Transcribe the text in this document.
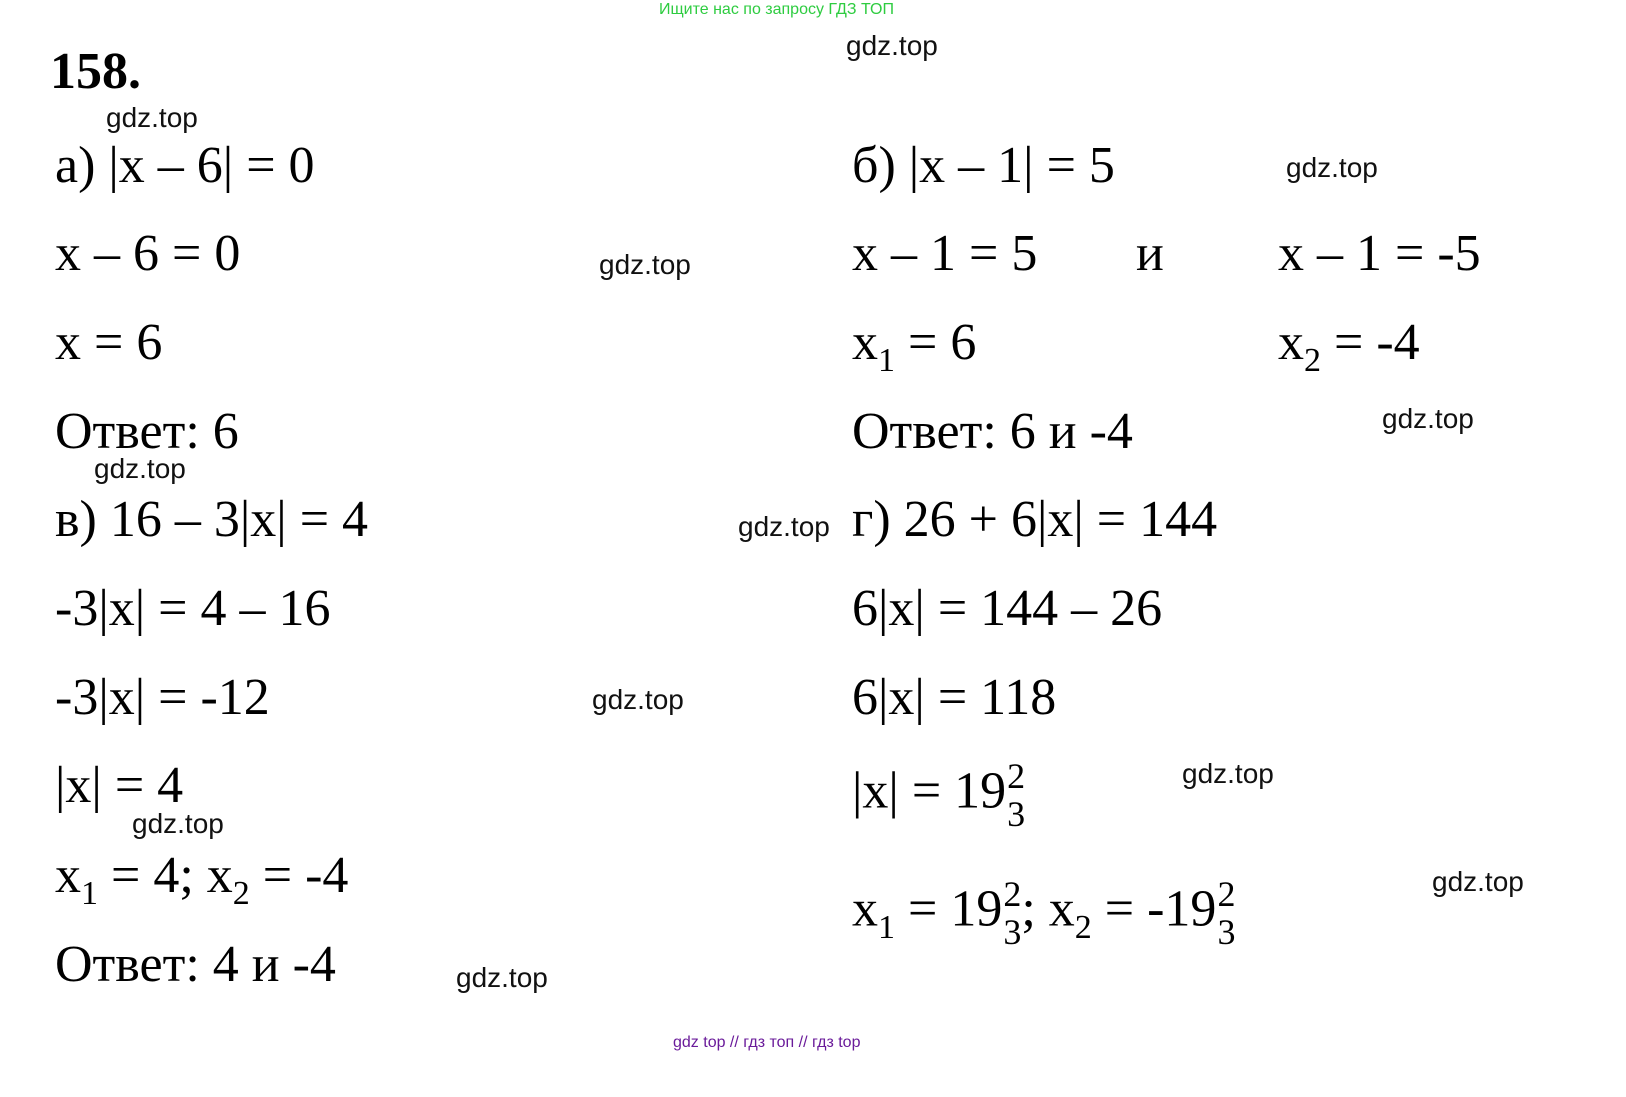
Ищите нас по запросу ГДЗ ТОП
158.
а) |x – 6| = 0
x – 6 = 0
x = 6
Ответ: 6
б) |x – 1| = 5
x – 1 = 5 и x – 1 = -5
$x_1 = 6$	$x_2 = -4$
Ответ: 6 и -4
в) 16 – 3|x| = 4
-3|x| = 4 – 16
-3|x| = -12
|x| = 4
$x_1 = 4$; $x_2 = -4$
Ответ: 4 и -4
г) 26 + 6|x| = 144
6|x| = 144 – 26
6|x| = 118
|x| = 19 2
3
$x_1 = 19$ 2
3 ; $x_2 = -19$ 2
3
gdz.top
gdz.top
gdz.top
gdz.top
gdz.top
gdz.top
gdz.top
gdz.top
gdz.top
gdz.top
gdz.top
gdz.top
gdz top // гдз топ // гдз top
